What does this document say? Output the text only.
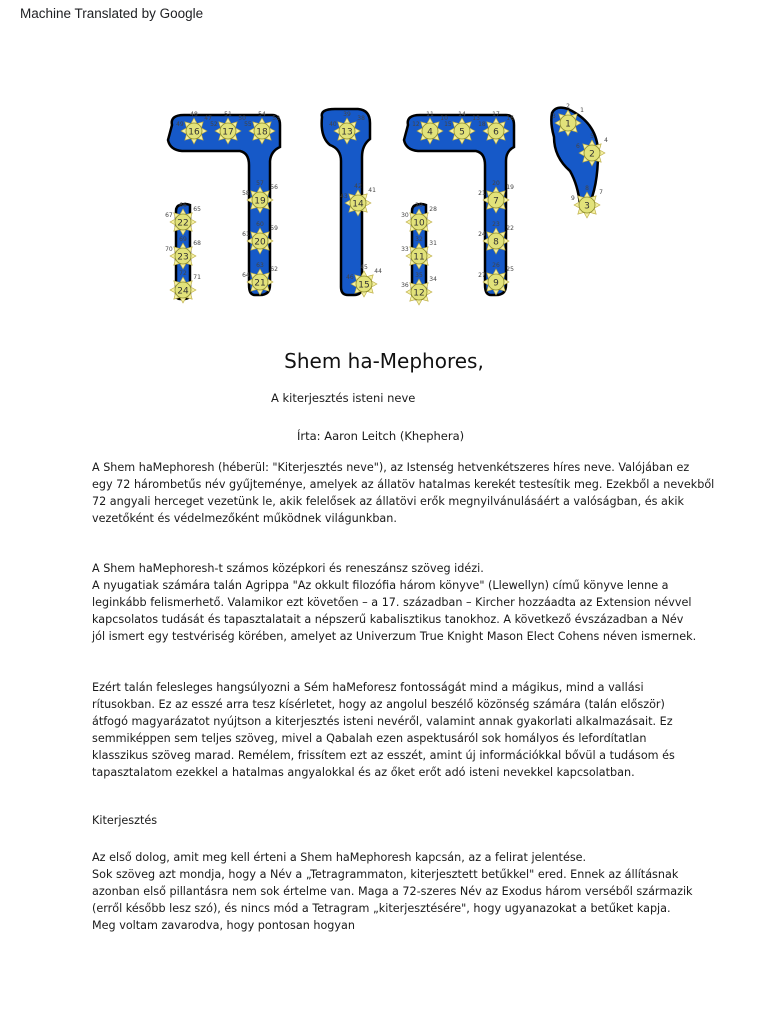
Machine Translated by Google
16	17	18
19
20
21
22
23
24
13
14
15
4	5	6
7
8
9
10
11
12
1
2
3
47
48
49
50
51
52
53
54
55
56
57
58
59
60
61
62
63
64
65
66
67
68
69
70
71
72
38
39
40
41
42
43
44
45
46
10
11
12
13
14
15
16
17
18
19
20
21
22
23
24
25
26
27
28
29
30
31
32
33
34
35
36
1
2
3
4
5
6
7
8
9
Shem ha-Mephores,
A kiterjesztés isteni neve
Írta: Aaron Leitch (Khephera)

A Shem haMephoresh (héberül: "Kiterjesztés neve"), az Istenség hetvenkétszeres híres neve. Valójában ez
egy 72 hárombetűs név gyűjteménye, amelyek az állatöv hatalmas kerekét testesítik meg. Ezekből a nevekből
72 angyali herceget vezetünk le, akik felelősek az állatövi erők megnyilvánulásáért a valóságban, és akik
vezetőként és védelmezőként működnek világunkban.

A Shem haMephoresh-t számos középkori és reneszánsz szöveg idézi.
A nyugatiak számára talán Agrippa "Az okkult filozófia három könyve" (Llewellyn) című könyve lenne a
leginkább felismerhető. Valamikor ezt követően – a 17. században – Kircher hozzáadta az Extension névvel
kapcsolatos tudását és tapasztalatait a népszerű kabalisztikus tanokhoz. A következő évszázadban a Név
jól ismert egy testvériség körében, amelyet az Univerzum True Knight Mason Elect Cohens néven ismernek.

Ezért talán felesleges hangsúlyozni a Sém haMeforesz fontosságát mind a mágikus, mind a vallási
rítusokban. Ez az esszé arra tesz kísérletet, hogy az angolul beszélő közönség számára (talán először)
átfogó magyarázatot nyújtson a kiterjesztés isteni nevéről, valamint annak gyakorlati alkalmazásait. Ez
semmiképpen sem teljes szöveg, mivel a Qabalah ezen aspektusáról sok homályos és lefordítatlan
klasszikus szöveg marad. Remélem, frissítem ezt az esszét, amint új információkkal bővül a tudásom és
tapasztalatom ezekkel a hatalmas angyalokkal és az őket erőt adó isteni nevekkel kapcsolatban.

Kiterjesztés

Az első dolog, amit meg kell érteni a Shem haMephoresh kapcsán, az a felirat jelentése.
Sok szöveg azt mondja, hogy a Név a „Tetragrammaton, kiterjesztett betűkkel" ered. Ennek az állításnak
azonban első pillantásra nem sok értelme van. Maga a 72-szeres Név az Exodus három verséből származik
(erről később lesz szó), és nincs mód a Tetragram „kiterjesztésére", hogy ugyanazokat a betűket kapja.
Meg voltam zavarodva, hogy pontosan hogyan
